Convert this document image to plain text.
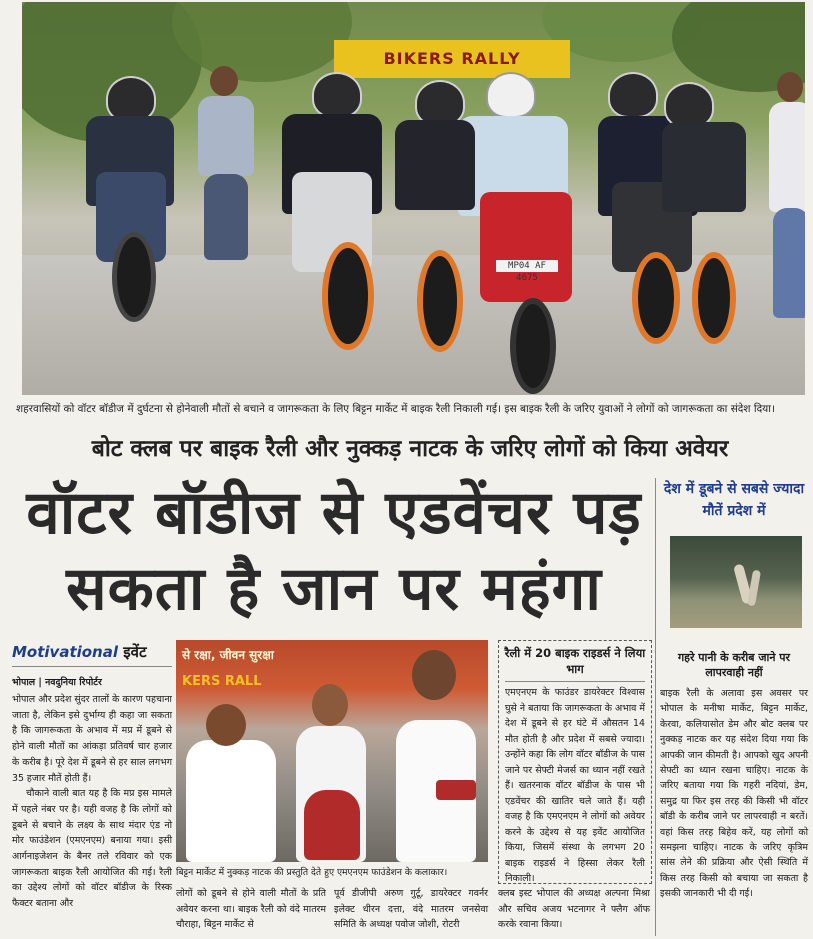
BIKERS RALLY
MP04 AF 4675
शहरवासियों को वॉटर बॉडीज में दुर्घटना से होनेवाली मौतों से बचाने व जागरूकता के लिए बिट्टन मार्केट में बाइक रैली निकाली गई। इस बाइक रैली के जरिए युवाओं ने लोगों को जागरूकता का संदेश दिया।
बोट क्लब पर बाइक रैली और नुक्कड़ नाटक के जरिए लोगों को किया अवेयर
वॉटर बॉडीज से एडवेंचर पड़
सकता है जान पर महंगा
देश में डूबने से सबसे ज्यादा मौतें प्रदेश में
गहरे पानी के करीब जाने पर लापरवाही नहीं
बाइक रैली के अलावा इस अवसर पर भोपाल के मनीषा मार्केट, बिट्टन मार्केट, केरवा, कलियासोत डेम और बोट क्लब पर नुक्कड़ नाटक कर यह संदेश दिया गया कि आपकी जान कीमती है। आपको खुद अपनी सेफ्टी का ध्यान रखना चाहिए। नाटक के जरिए बताया गया कि गहरी नदियां, डेम, समुद्र या फिर इस तरह की किसी भी वॉटर बॉडी के करीब जाने पर लापरवाही न बरतें। वहां किस तरह बिहेव करें, यह लोगों को समझना चाहिए। नाटक के जरिए कृत्रिम सांस लेने की प्रक्रिया और ऐसी स्थिति में किस तरह किसी को बचाया जा सकता है इसकी जानकारी भी दी गई।
Motivational इवेंट
भोपाल | नवदुनिया रिपोर्टर

भोपाल और प्रदेश सुंदर तालों के कारण पहचाना जाता है, लेकिन इसे दुर्भाग्य ही कहा जा सकता है कि जागरूकता के अभाव में मप्र में डूबने से होने वाली मौतों का आंकड़ा प्रतिवर्ष चार हजार के करीब है। पूरे देश में डूबने से हर साल लगभग 35 हजार मौतें होती हैं।

चौकाने वाली बात यह है कि मप्र इस मामले में पहले नंबर पर है। यही वजह है कि लोगों को डूबने से बचाने के लक्ष्य के साथ मंदार एंड नो मोर फाउंडेशन (एमएनएम) बनाया गया। इसी आर्गनाइजेशन के बैनर तले रविवार को एक जागरूकता बाइक रैली आयोजित की गई। रैली का उद्देश्य लोगों को वॉटर बॉडीज के रिस्क फैक्टर बताना और

से रक्षा, जीवन सुरक्षा
KERS RALL
बिट्टन मार्केट में नुक्कड़ नाटक की प्रस्तुति देते हुए एमएनएम फाउंडेशन के कलाकार।
लोगों को डूबने से होने वाली मौतों के प्रति अवेयर करना था। बाइक रैली को वंदे मातरम चौराहा, बिट्टन मार्केट से
पूर्व डीजीपी अरुण गुर्टू, डायरेक्टर गवर्नर इलेक्ट धीरन दत्ता, वंदे मातरम जनसेवा समिति के अध्यक्ष पवोज जोशी, रोटरी
रैली में 20 बाइक राइडर्स ने लिया भाग
एमएनएम के फाउंडर डायरेक्टर विश्वास घुसे ने बताया कि जागरूकता के अभाव में देश में डूबने से हर घंटे में औसतन 14 मौत होती है और प्रदेश में सबसे ज्यादा। उन्होंने कहा कि लोग वॉटर बॉडीज के पास जाने पर सेफ्टी मेजर्स का ध्यान नहीं रखते हैं। खतरनाक वॉटर बॉडीज के पास भी एडवेंचर की खातिर चले जाते हैं। यही वजह है कि एमएनएम ने लोगों को अवेयर करने के उद्देश्य से यह इवेंट आयोजित किया, जिसमें संस्था के लगभग 20 बाइक राइडर्स ने हिस्सा लेकर रैली निकाली।
क्लब इस्ट भोपाल की अध्यक्ष अल्पना मिश्रा और सचिव अजय भटनागर ने फ्लैग ऑफ करके रवाना किया।
